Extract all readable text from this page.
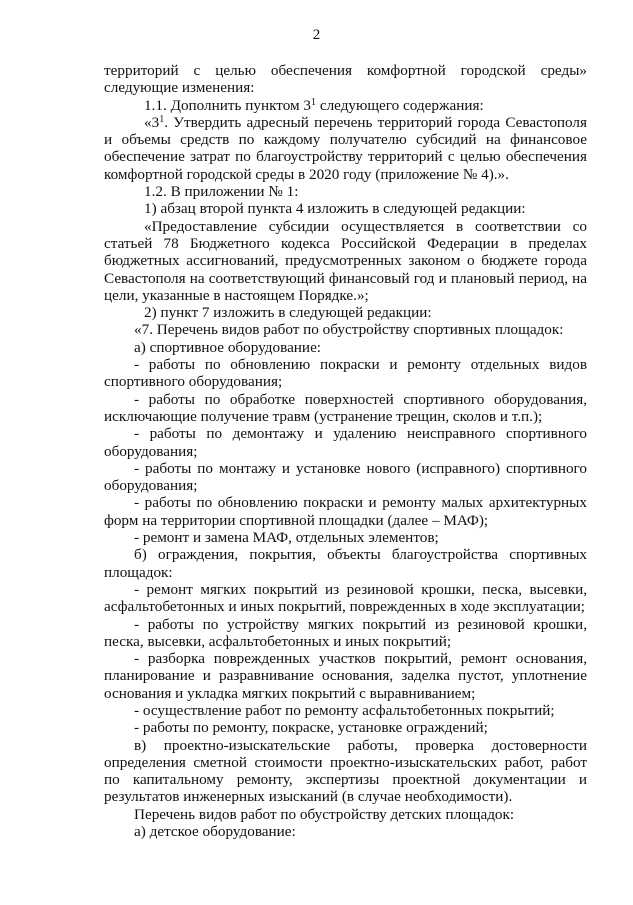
2

территорий с целью обеспечения комфортной городской среды» следующие изменения:

1.1. Дополнить пунктом $3^1$ следующего содержания:

«$3^1$. Утвердить адресный перечень территорий города Севастополя и объемы средств по каждому получателю субсидий на финансовое обеспечение затрат по благоустройству территорий с целью обеспечения комфортной городской среды в 2020 году (приложение № 4).».

1.2. В приложении № 1:

1) абзац второй пункта 4 изложить в следующей редакции:

«Предоставление субсидии осуществляется в соответствии со статьей 78 Бюджетного кодекса Российской Федерации в пределах бюджетных ассигнований, предусмотренных законом о бюджете города Севастополя на соответствующий финансовый год и плановый период, на цели, указанные в настоящем Порядке.»;

2) пункт 7 изложить в следующей редакции:

«7. Перечень видов работ по обустройству спортивных площадок:

а) спортивное оборудование:

- работы по обновлению покраски и ремонту отдельных видов спортивного оборудования;

- работы по обработке поверхностей спортивного оборудования, исключающие получение травм (устранение трещин, сколов и т.п.);

- работы по демонтажу и удалению неисправного спортивного оборудования;

- работы по монтажу и установке нового (исправного) спортивного оборудования;

- работы по обновлению покраски и ремонту малых архитектурных форм на территории спортивной площадки (далее – МАФ);

- ремонт и замена МАФ, отдельных элементов;

б) ограждения, покрытия, объекты благоустройства спортивных площадок:

- ремонт мягких покрытий из резиновой крошки, песка, высевки, асфальтобетонных и иных покрытий, поврежденных в ходе эксплуатации;

- работы по устройству мягких покрытий из резиновой крошки, песка, высевки, асфальтобетонных и иных покрытий;

- разборка поврежденных участков покрытий, ремонт основания, планирование и разравнивание основания, заделка пустот, уплотнение основания и укладка мягких покрытий с выравниванием;

- осуществление работ по ремонту асфальтобетонных покрытий;

- работы по ремонту, покраске, установке ограждений;

в) проектно-изыскательские работы, проверка достоверности определения сметной стоимости проектно-изыскательских работ, работ по капитальному ремонту, экспертизы проектной документации и результатов инженерных изысканий (в случае необходимости).

Перечень видов работ по обустройству детских площадок:

а) детское оборудование:
